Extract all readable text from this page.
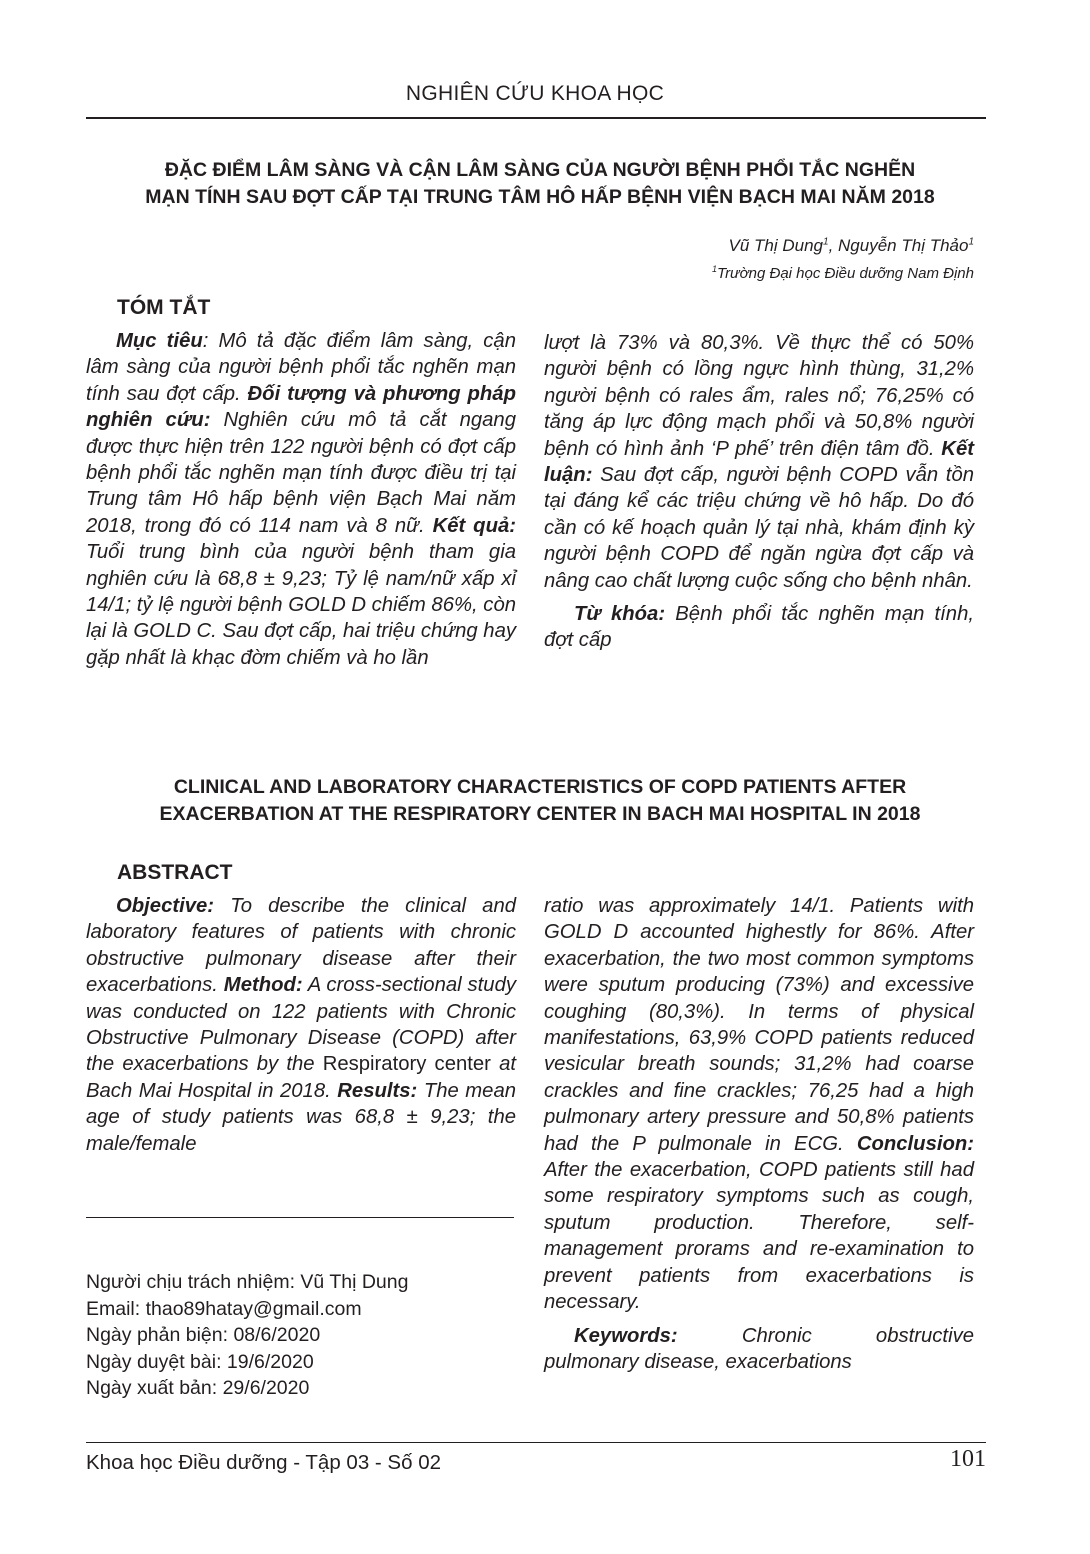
NGHIÊN CỨU KHOA HỌC
ĐẶC ĐIỂM LÂM SÀNG VÀ CẬN LÂM SÀNG CỦA NGƯỜI BỆNH PHỔI TẮC NGHẼN
MẠN TÍNH SAU ĐỢT CẤP TẠI TRUNG TÂM HÔ HẤP BỆNH VIỆN BẠCH MAI NĂM 2018
Vũ Thị Dung$^1$, Nguyễn Thị Thảo$^1$
$^1$Trường Đại học Điều dưỡng Nam Định
TÓM TẮT

Mục tiêu: Mô tả đặc điểm lâm sàng, cận lâm sàng của người bệnh phổi tắc nghẽn mạn tính sau đợt cấp. Đối tượng và phương pháp nghiên cứu: Nghiên cứu mô tả cắt ngang được thực hiện trên 122 người bệnh có đợt cấp bệnh phổi tắc nghẽn mạn tính được điều trị tại Trung tâm Hô hấp bệnh viện Bạch Mai năm 2018, trong đó có 114 nam và 8 nữ. Kết quả: Tuổi trung bình của người bệnh tham gia nghiên cứu là 68,8 ± 9,23; Tỷ lệ nam/nữ xấp xỉ 14/1; tỷ lệ người bệnh GOLD D chiếm 86%, còn lại là GOLD C. Sau đợt cấp, hai triệu chứng hay gặp nhất là khạc đờm chiếm và ho lần

lượt là 73% và 80,3%. Về thực thể có 50% người bệnh có lồng ngực hình thùng, 31,2% người bệnh có rales ẩm, rales nổ; 76,25% có tăng áp lực động mạch phổi và 50,8% người bệnh có hình ảnh ‘P phế’ trên điện tâm đồ. Kết luận: Sau đợt cấp, người bệnh COPD vẫn tồn tại đáng kể các triệu chứng về hô hấp. Do đó cần có kế hoạch quản lý tại nhà, khám định kỳ người bệnh COPD để ngăn ngừa đợt cấp và nâng cao chất lượng cuộc sống cho bệnh nhân.

Từ khóa: Bệnh phổi tắc nghẽn mạn tính, đợt cấp

CLINICAL AND LABORATORY CHARACTERISTICS OF COPD PATIENTS AFTER
EXACERBATION AT THE RESPIRATORY CENTER IN BACH MAI HOSPITAL IN 2018
ABSTRACT

Objective: To describe the clinical and laboratory features of patients with chronic obstructive pulmonary disease after their exacerbations. Method: A cross-sectional study was conducted on 122 patients with Chronic Obstructive Pulmonary Disease (COPD) after the exacerbations by the Respiratory center at Bach Mai Hospital in 2018. Results: The mean age of study patients was 68,8 ± 9,23; the male/female

ratio was approximately 14/1. Patients with GOLD D accounted highestly for 86%. After exacerbation, the two most common symptoms were sputum producing (73%) and excessive coughing (80,3%). In terms of physical manifestations, 63,9% COPD patients reduced vesicular breath sounds; 31,2% had coarse crackles and fine crackles; 76,25 had a high pulmonary artery pressure and 50,8% patients had the P pulmonale in ECG. Conclusion: After the exacerbation, COPD patients still had some respiratory symptoms such as cough, sputum production. Therefore, self-management prorams and re-examination to prevent patients from exacerbations is necessary.

Keywords:	Chronic	obstructive
pulmonary disease, exacerbations
Người chịu trách nhiệm: Vũ Thị Dung
Email: thao89hatay@gmail.com
Ngày phản biện: 08/6/2020
Ngày duyệt bài: 19/6/2020
Ngày xuất bản: 29/6/2020
Khoa học Điều dưỡng - Tập 03 - Số 02	101
